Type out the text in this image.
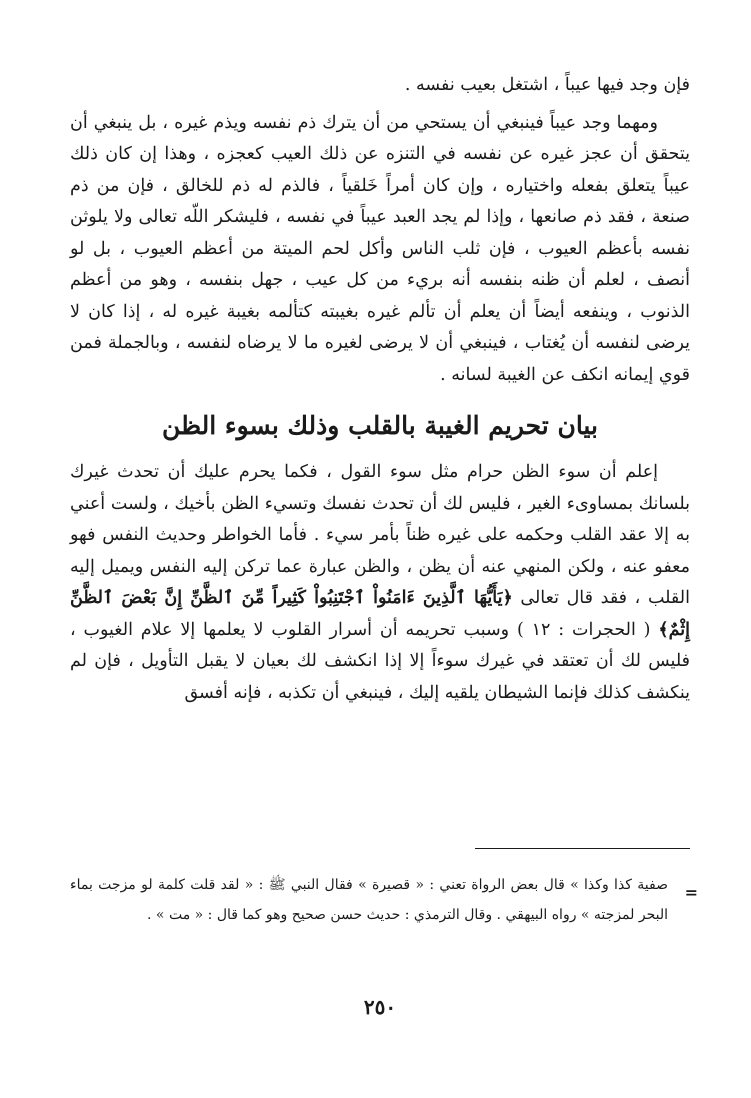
فإن وجد فيها عيباً ، اشتغل بعيب نفسه .

ومهما وجد عيباً فينبغي أن يستحي من أن يترك ذم نفسه ويذم غيره ، بل ينبغي أن يتحقق أن عجز غيره عن نفسه في التنزه عن ذلك العيب كعجزه ، وهذا إن كان ذلك عيباً يتعلق بفعله واختياره ، وإن كان أمراً خَلقياً ، فالذم له ذم للخالق ، فإن من ذم صنعة ، فقد ذم صانعها ، وإذا لم يجد العبد عيباً في نفسه ، فليشكر اللّه تعالى ولا يلوثن نفسه بأعظم العيوب ، فإن ثلب الناس وأكل لحم الميتة من أعظم العيوب ، بل لو أنصف ، لعلم أن ظنه بنفسه أنه بريء من كل عيب ، جهل بنفسه ، وهو من أعظم الذنوب ، وينفعه أيضاً أن يعلم أن تألم غيره بغيبته كتألمه بغيبة غيره له ، إذا كان لا يرضى لنفسه أن يُغتاب ، فينبغي أن لا يرضى لغيره ما لا يرضاه لنفسه ، وبالجملة فمن قوي إيمانه انكف عن الغيبة لسانه .

بيان تحريم الغيبة بالقلب وذلك بسوء الظن

إعلم أن سوء الظن حرام مثل سوء القول ، فكما يحرم عليك أن تحدث غيرك بلسانك بمساوىء الغير ، فليس لك أن تحدث نفسك وتسيء الظن بأخيك ، ولست أعني به إلا عقد القلب وحكمه على غيره ظناً بأمر سيء . فأما الخواطر وحديث النفس فهو معفو عنه ، ولكن المنهي عنه أن يظن ، والظن عبارة عما تركن إليه النفس ويميل إليه القلب ، فقد قال تعالى ﴿يَأَيُّهَا ٱلَّذِينَ ءَامَنُواْ ٱجْتَنِبُواْ كَثِيراً مِّنَ ٱلظَّنِّ إِنَّ بَعْضَ ٱلظَّنِّ إِثْمٌ﴾ ( الحجرات : ١٢ ) وسبب تحريمه أن أسرار القلوب لا يعلمها إلا علام الغيوب ، فليس لك أن تعتقد في غيرك سوءاً إلا إذا انكشف لك بعيان لا يقبل التأويل ، فإن لم ينكشف كذلك فإنما الشيطان يلقيه إليك ، فينبغي أن تكذبه ، فإنه أفسق

=
صفية كذا وكذا » قال بعض الرواة تعني : « قصيرة » فقال النبي ﷺ : « لقد قلت كلمة لو مزجت بماء البحر لمزجته » رواه البيهقي . وقال الترمذي : حديث حسن صحيح وهو كما قال : « مت » .
٢٥٠
